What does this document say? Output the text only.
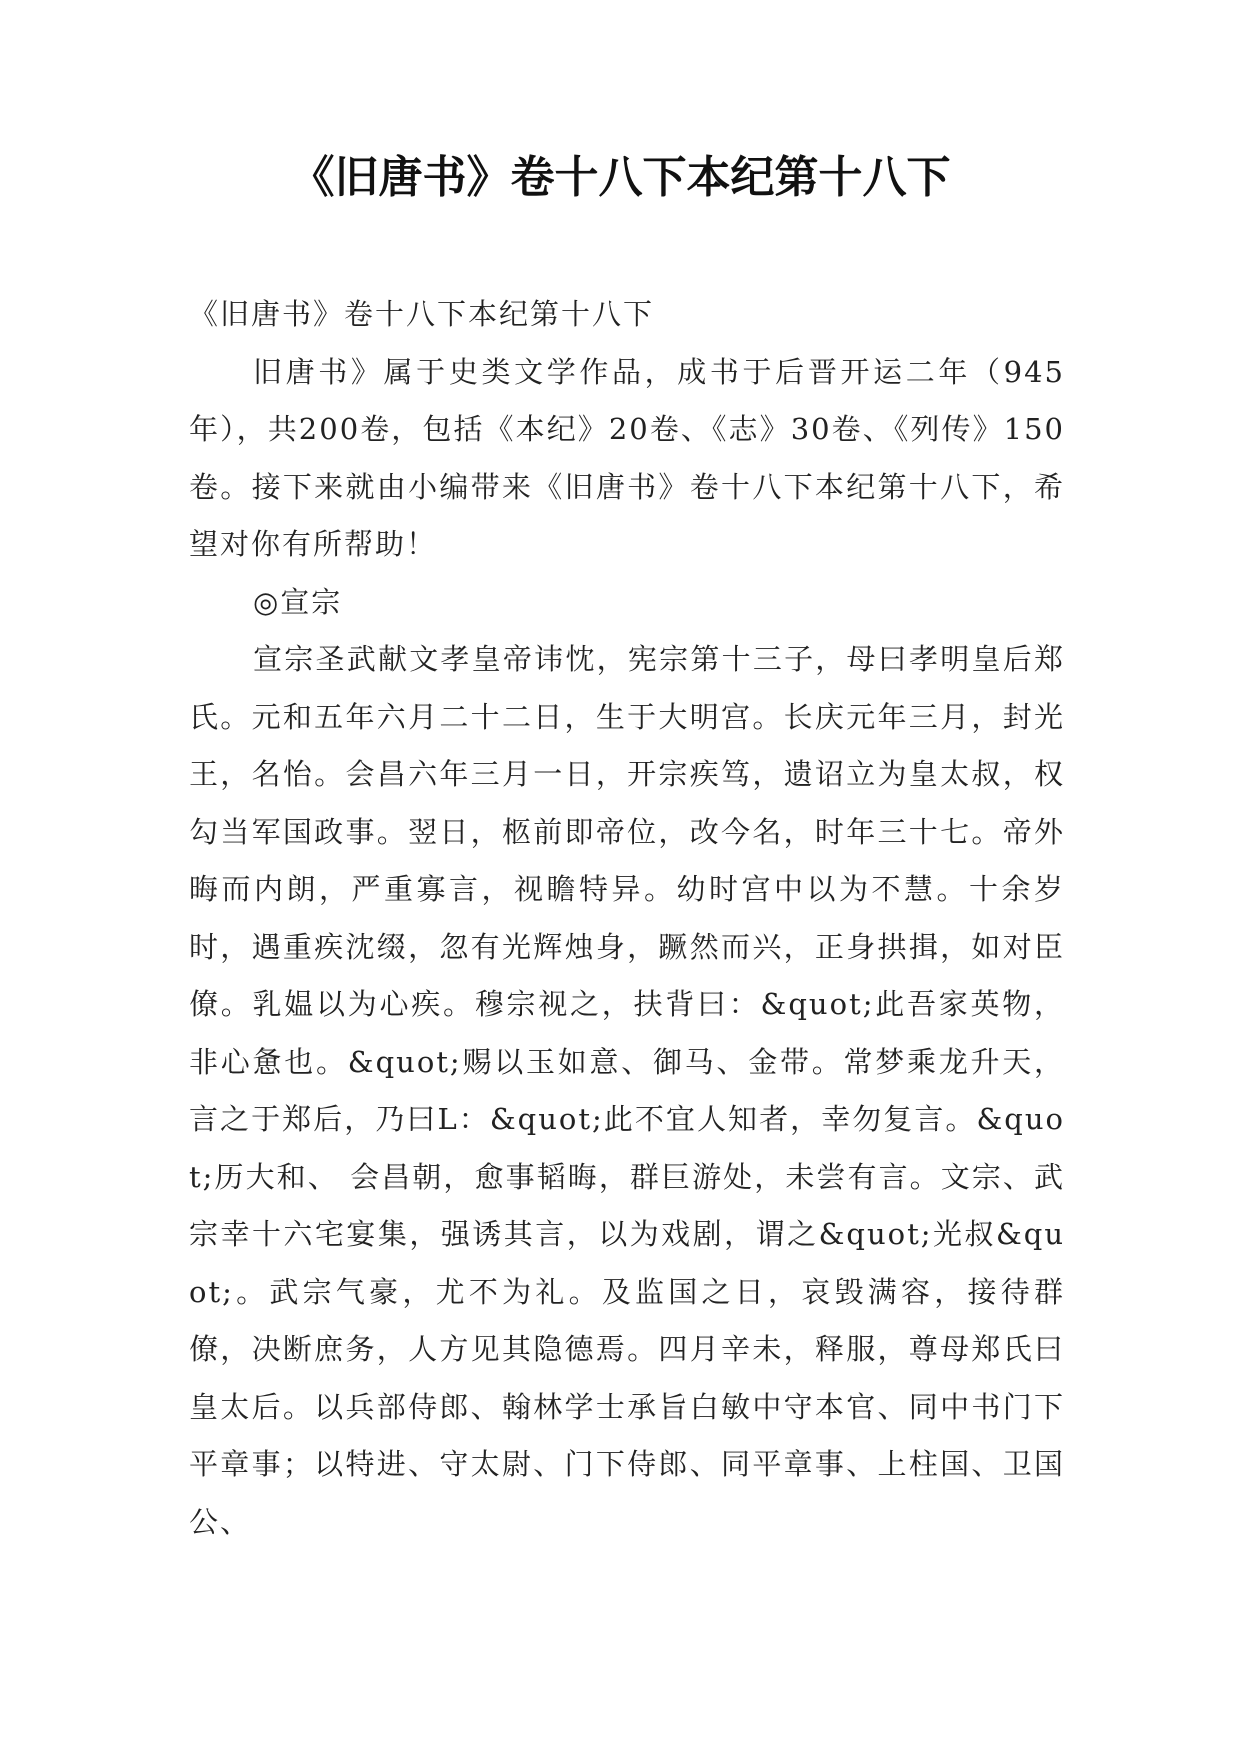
《旧唐书》卷十八下本纪第十八下

《旧唐书》卷十八下本纪第十八下

旧唐书》属于史类文学作品，成书于后晋开运二年（945年），共200卷，包括《本纪》20卷、《志》30卷、《列传》150卷。接下来就由小编带来《旧唐书》卷十八下本纪第十八下，希望对你有所帮助！

◎宣宗

宣宗圣武献文孝皇帝讳忱，宪宗第十三子，母曰孝明皇后郑氏。元和五年六月二十二日，生于大明宫。长庆元年三月，封光王，名怡。会昌六年三月一日，开宗疾笃，遗诏立为皇太叔，权勾当军国政事。翌日，柩前即帝位，改今名，时年三十七。帝外晦而内朗，严重寡言，视瞻特异。幼时宫中以为不慧。十余岁时，遇重疾沈缀，忽有光辉烛身，蹶然而兴，正身拱揖，如对臣僚。乳媪以为心疾。穆宗视之，扶背曰：&quot;此吾家英物，非心惫也。&quot;赐以玉如意、御马、金带。常梦乘龙升天，言之于郑后，乃曰L：&quot;此不宜人知者，幸勿复言。&quot;历大和、 会昌朝，愈事韬晦，群巨游处，未尝有言。文宗、武宗幸十六宅宴集，强诱其言，以为戏剧，谓之&quot;光叔&quot;。武宗气豪，尤不为礼。及监国之日，哀毁满容，接待群僚，决断庶务，人方见其隐德焉。四月辛未，释服，尊母郑氏曰皇太后。以兵部侍郎、翰林学士承旨白敏中守本官、同中书门下平章事；以特进、守太尉、门下侍郎、同平章事、上柱国、卫国公、
